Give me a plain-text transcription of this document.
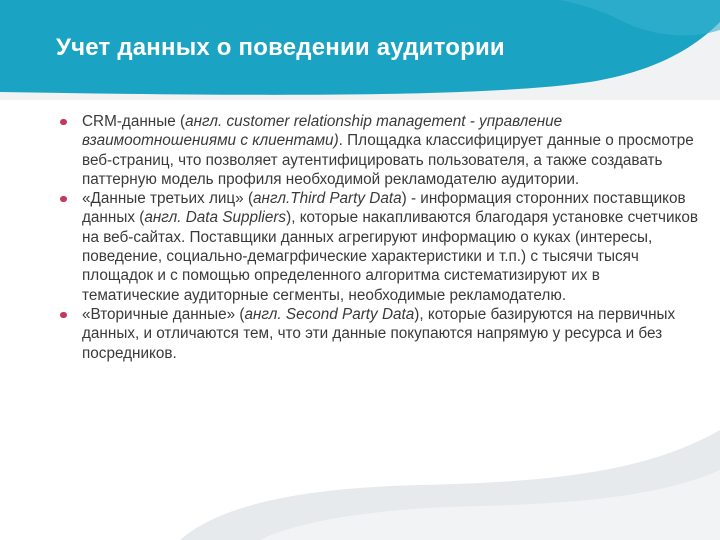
Учет данных о поведении аудитории
CRM-данные (англ. customer relationship management - управление взаимоотношениями с клиентами). Площадка классифицирует данные о просмотре веб-страниц, что позволяет аутентифицировать пользователя, а также создавать паттерную модель профиля необходимой рекламодателю аудитории.
«Данные третьих лиц» (англ.Third Party Data) - информация сторонних поставщиков данных (англ. Data Suppliers), которые накапливаются благодаря установке счетчиков на веб-сайтах. Поставщики данных агрегируют информацию о куках (интересы, поведение, социально-демагрфические характеристики и т.п.) с тысячи тысяч площадок и с помощью определенного алгоритма систематизируют их в тематические аудиторные сегменты, необходимые рекламодателю.
«Вторичные данные» (англ. Second Party Data), которые базируются на первичных данных, и отличаются тем, что эти данные покупаются напрямую у ресурса и без посредников.
